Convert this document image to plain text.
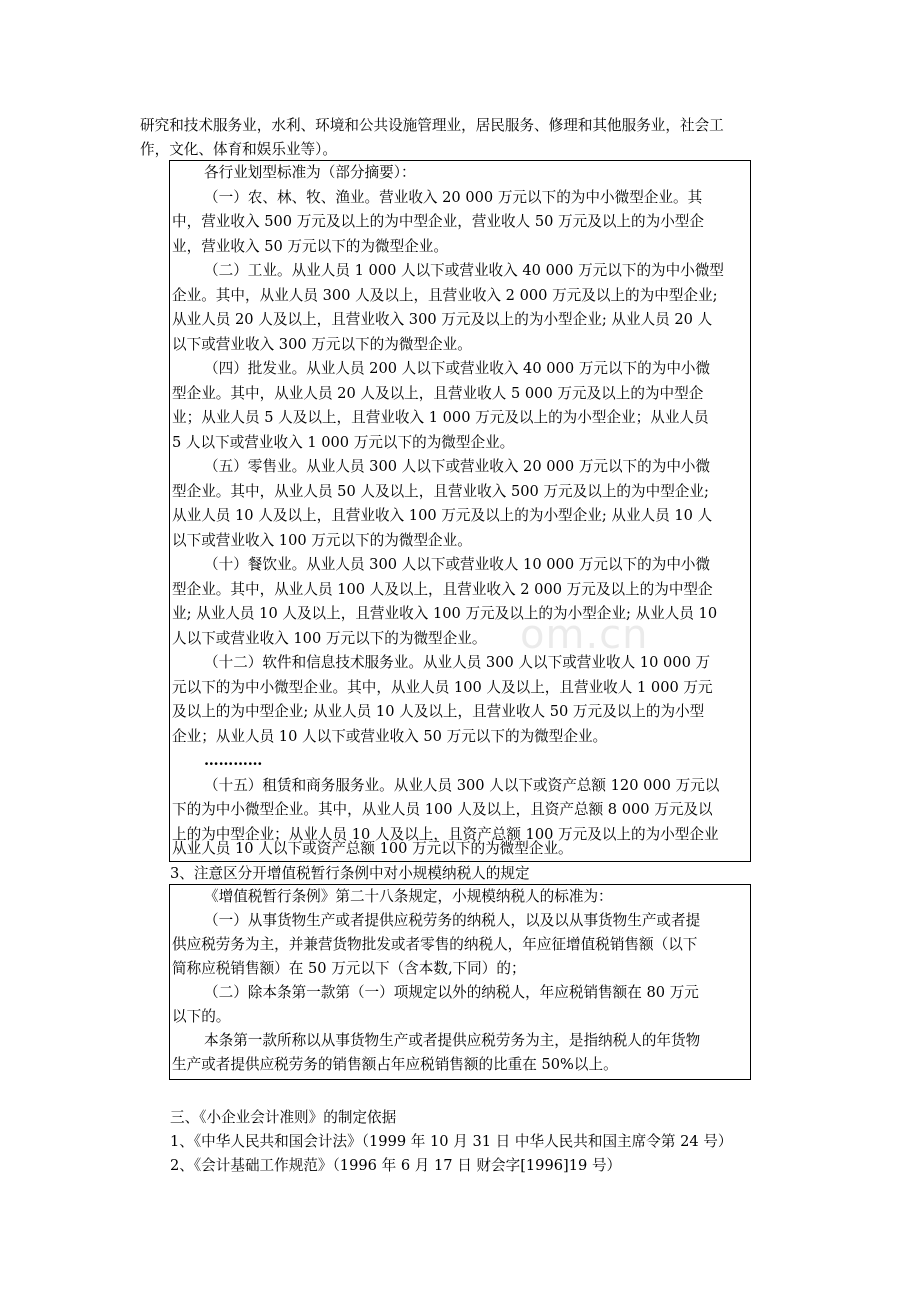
研究和技术服务业，水利、环境和公共设施管理业，居民服务、修理和其他服务业，社会工
作，文化、体育和娱乐业等）。
各行业划型标准为（部分摘要）：
（一）农、林、牧、渔业。营业收入 20 000 万元以下的为中小微型企业。其
中，营业收入 500 万元及以上的为中型企业，营业收人 50 万元及以上的为小型企
业，营业收入 50 万元以下的为微型企业。
（二）工业。从业人员 1 000 人以下或营业收入 40 000 万元以下的为中小微型
企业。其中，从业人员 300 人及以上，且营业收入 2 000 万元及以上的为中型企业;
从业人员 20 人及以上，且营业收入 300 万元及以上的为小型企业; 从业人员 20 人
以下或营业收入 300 万元以下的为微型企业。
（四）批发业。从业人员 200 人以下或营业收入 40 000 万元以下的为中小微
型企业。其中，从业人员 20 人及以上，且营业收人 5 000 万元及以上的为中型企
业；从业人员 5 人及以上，且营业收入 1 000 万元及以上的为小型企业；从业人员
5 人以下或营业收入 1 000 万元以下的为微型企业。
（五）零售业。从业人员 300 人以下或营业收入 20 000 万元以下的为中小微
型企业。其中，从业人员 50 人及以上，且营业收入 500 万元及以上的为中型企业;
从业人员 10 人及以上，且营业收入 100 万元及以上的为小型企业; 从业人员 10 人
以下或营业收入 100 万元以下的为微型企业。
（十）餐饮业。从业人员 300 人以下或营业收人 10 000 万元以下的为中小微
型企业。其中，从业人员 100 人及以上，且营业收入 2 000 万元及以上的为中型企
业; 从业人员 10 人及以上，且营业收入 100 万元及以上的为小型企业; 从业人员 10
人以下或营业收入 100 万元以下的为微型企业。
（十二）软件和信息技术服务业。从业人员 300 人以下或营业收人 10 000 万
元以下的为中小微型企业。其中，从业人员 100 人及以上，且营业收人 1 000 万元
及以上的为中型企业; 从业人员 10 人及以上，且营业收人 50 万元及以上的为小型
企业；从业人员 10 人以下或营业收入 50 万元以下的为微型企业。
…………
（十五）租赁和商务服务业。从业人员 300 人以下或资产总额 120 000 万元以
下的为中小微型企业。其中，从业人员 100 人及以上，且资产总额 8 000 万元及以
上的为中型企业；从业人员 10 人及以上，且资产总额 100 万元及以上的为小型企业
从业人员 10 人以下或资产总额 100 万元以下的为微型企业。
3、注意区分开增值税暂行条例中对小规模纳税人的规定
《增值税暂行条例》第二十八条规定，小规模纳税人的标准为：
（一）从事货物生产或者提供应税劳务的纳税人，以及以从事货物生产或者提
供应税劳务为主，并兼营货物批发或者零售的纳税人，年应征增值税销售额（以下
简称应税销售额）在 50 万元以下（含本数,下同）的；
（二）除本条第一款第（一）项规定以外的纳税人，年应税销售额在 80 万元
以下的。
本条第一款所称以从事货物生产或者提供应税劳务为主，是指纳税人的年货物
生产或者提供应税劳务的销售额占年应税销售额的比重在 50%以上。
三、《小企业会计准则》的制定依据
1、《中华人民共和国会计法》（1999 年 10 月 31 日 中华人民共和国主席令第 24 号）
2、《会计基础工作规范》（1996 年 6 月 17 日 财会字[1996]19 号）
om.cn
